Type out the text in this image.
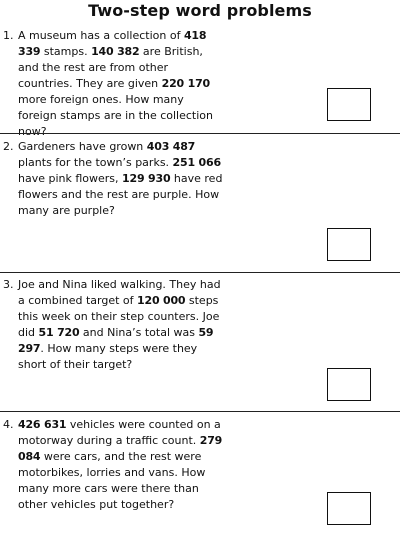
Two-step word problems
1. A museum has a collection of 418 339 stamps. 140 382 are British, and the rest are from other countries. They are given 220 170 more foreign ones. How many foreign stamps are in the collection now?
2. Gardeners have grown 403 487 plants for the town’s parks. 251 066 have pink flowers, 129 930 have red flowers and the rest are purple. How many are purple?
3. Joe and Nina liked walking. They had a combined target of 120 000 steps this week on their step counters. Joe did 51 720 and Nina’s total was 59 297. How many steps were they short of their target?
4. 426 631 vehicles were counted on a motorway during a traffic count. 279 084 were cars, and the rest were motorbikes, lorries and vans. How many more cars were there than other vehicles put together?
